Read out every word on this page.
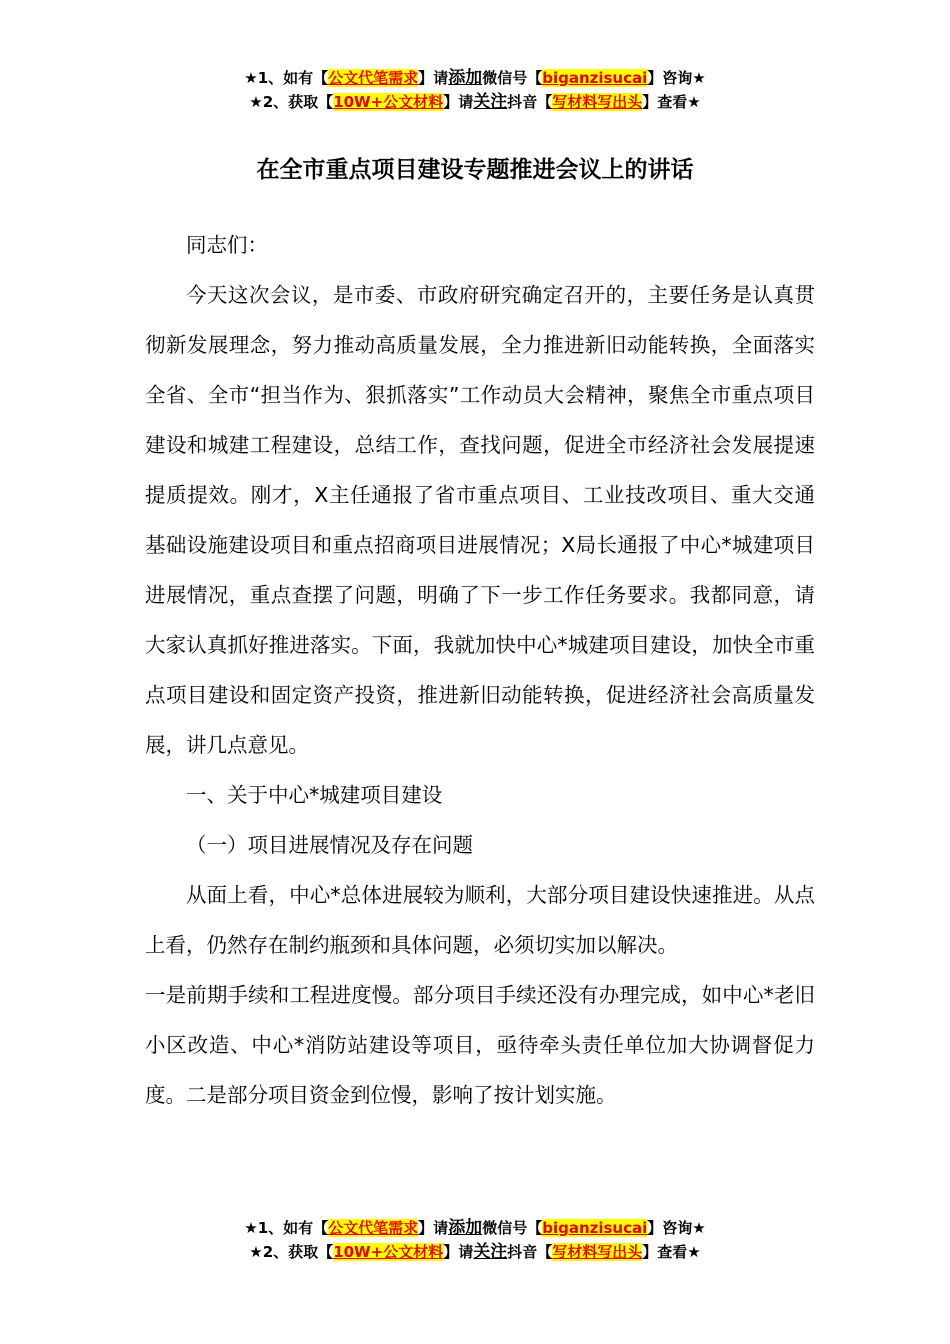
★1、如有【公文代笔需求】请添加微信号【biganzisucai】咨询★
★2、获取【10W+公文材料】请关注抖音【写材料写出头】查看★
在全市重点项目建设专题推进会议上的讲话

同志们：

今天这次会议，是市委、市政府研究确定召开的，主要任务是认真贯彻新发展理念，努力推动高质量发展，全力推进新旧动能转换，全面落实全省、全市“担当作为、狠抓落实”工作动员大会精神，聚焦全市重点项目建设和城建工程建设，总结工作，查找问题，促进全市经济社会发展提速提质提效。刚才，X主任通报了省市重点项目、工业技改项目、重大交通基础设施建设项目和重点招商项目进展情况；X局长通报了中心*城建项目进展情况，重点查摆了问题，明确了下一步工作任务要求。我都同意，请大家认真抓好推进落实。下面，我就加快中心*城建项目建设，加快全市重点项目建设和固定资产投资，推进新旧动能转换，促进经济社会高质量发展，讲几点意见。

一、关于中心*城建项目建设

（一）项目进展情况及存在问题

从面上看，中心*总体进展较为顺利，大部分项目建设快速推进。从点上看，仍然存在制约瓶颈和具体问题，必须切实加以解决。

一是前期手续和工程进度慢。部分项目手续还没有办理完成，如中心*老旧小区改造、中心*消防站建设等项目，亟待牵头责任单位加大协调督促力度。二是部分项目资金到位慢，影响了按计划实施。

★1、如有【公文代笔需求】请添加微信号【biganzisucai】咨询★
★2、获取【10W+公文材料】请关注抖音【写材料写出头】查看★
